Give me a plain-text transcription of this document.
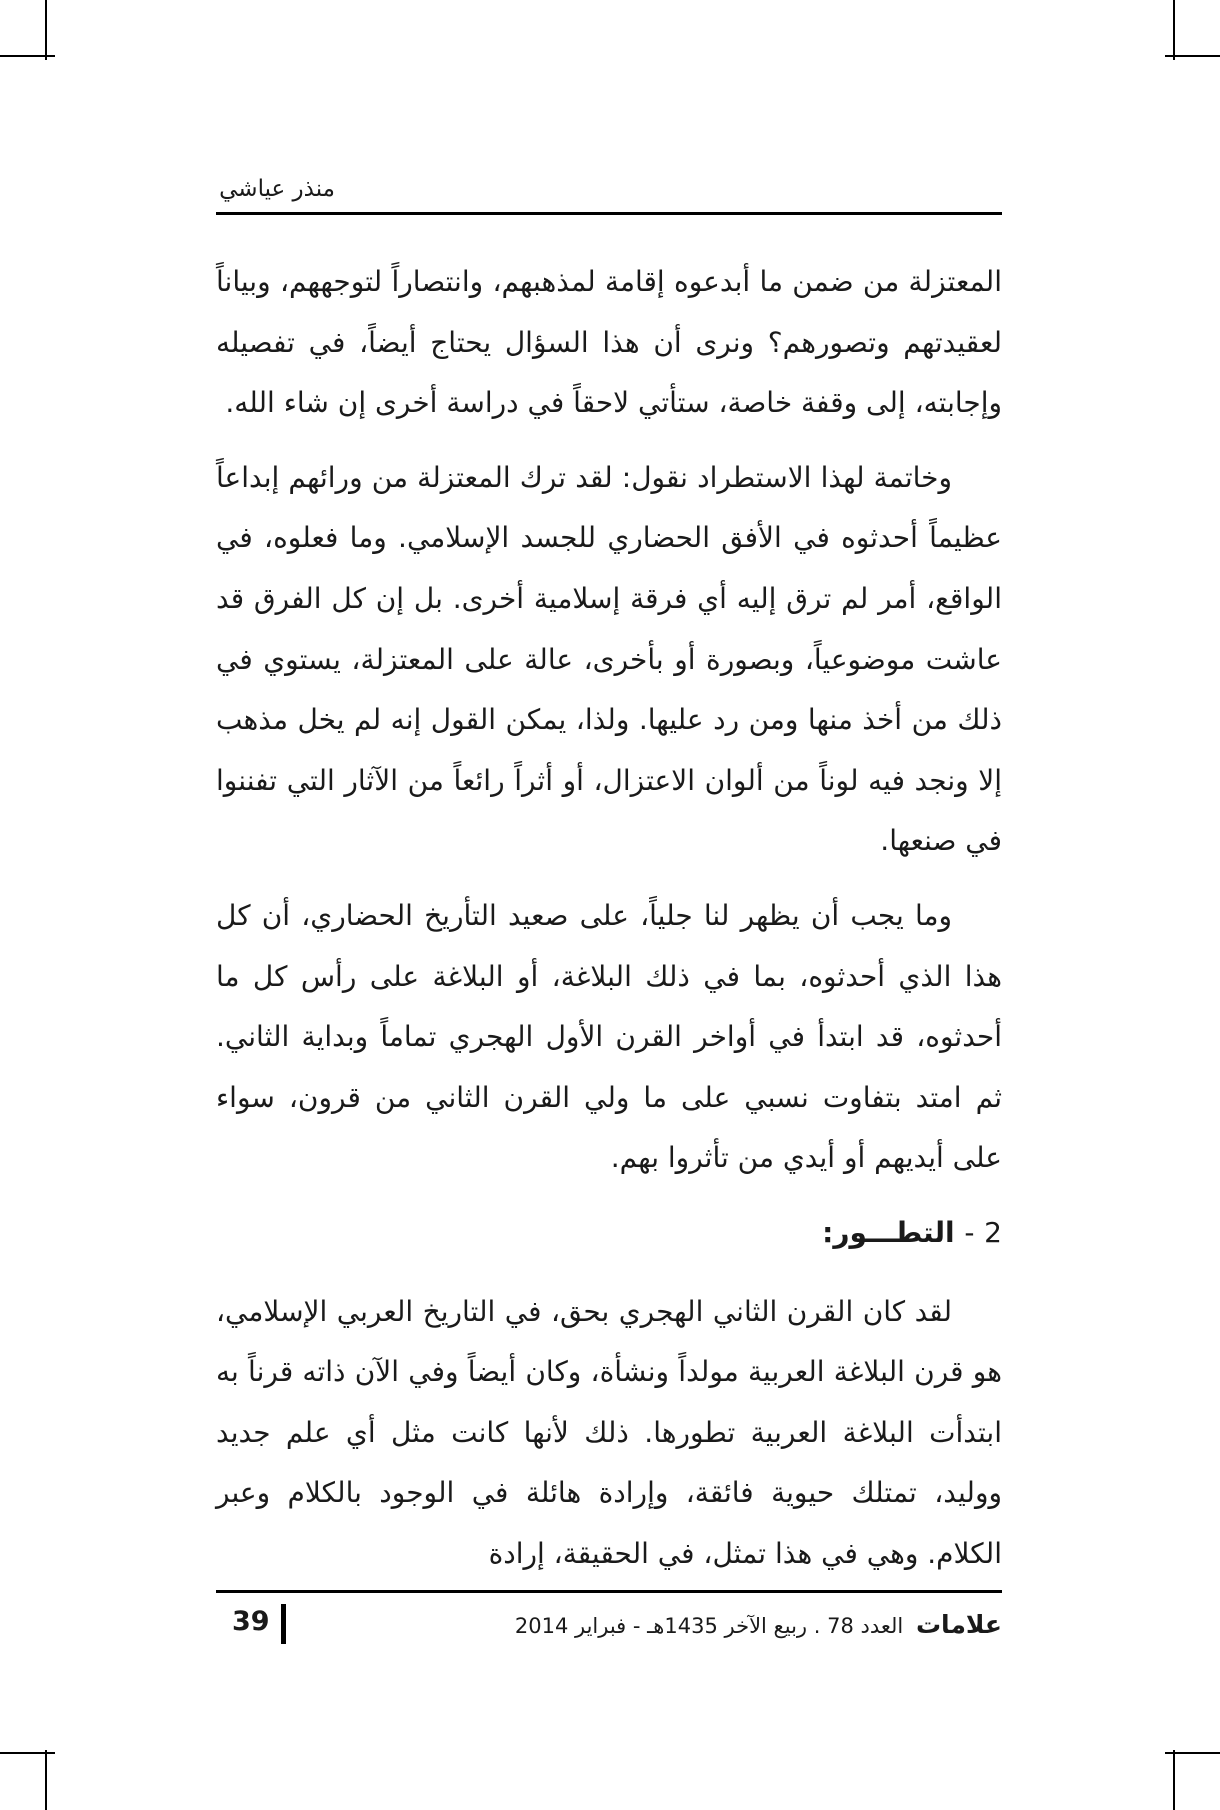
منذر عياشي

المعتزلة من ضمن ما أبدعوه إقامة لمذهبهم، وانتصاراً لتوجههم، وبياناً لعقيدتهم وتصورهم؟ ونرى أن هذا السؤال يحتاج أيضاً، في تفصيله وإجابته، إلى وقفة خاصة، ستأتي لاحقاً في دراسة أخرى إن شاء الله.

وخاتمة لهذا الاستطراد نقول: لقد ترك المعتزلة من ورائهم إبداعاً عظيماً أحدثوه في الأفق الحضاري للجسد الإسلامي. وما فعلوه، في الواقع، أمر لم ترق إليه أي فرقة إسلامية أخرى. بل إن كل الفرق قد عاشت موضوعياً، وبصورة أو بأخرى، عالة على المعتزلة، يستوي في ذلك من أخذ منها ومن رد عليها. ولذا، يمكن القول إنه لم يخل مذهب إلا ونجد فيه لوناً من ألوان الاعتزال، أو أثراً رائعاً من الآثار التي تفننوا في صنعها.

وما يجب أن يظهر لنا جلياً، على صعيد التأريخ الحضاري، أن كل هذا الذي أحدثوه، بما في ذلك البلاغة، أو البلاغة على رأس كل ما أحدثوه، قد ابتدأ في أواخر القرن الأول الهجري تماماً وبداية الثاني. ثم امتد بتفاوت نسبي على ما ولي القرن الثاني من قرون، سواء على أيديهم أو أيدي من تأثروا بهم.

2 - التطـــور:

لقد كان القرن الثاني الهجري بحق، في التاريخ العربي الإسلامي، هو قرن البلاغة العربية مولداً ونشأة، وكان أيضاً وفي الآن ذاته قرناً به ابتدأت البلاغة العربية تطورها. ذلك لأنها كانت مثل أي علم جديد ووليد، تمتلك حيوية فائقة، وإرادة هائلة في الوجود بالكلام وعبر الكلام. وهي في هذا تمثل، في الحقيقة، إرادة

علامات العدد 78 . ربيع الآخر 1435هـ - فبراير 2014
39
